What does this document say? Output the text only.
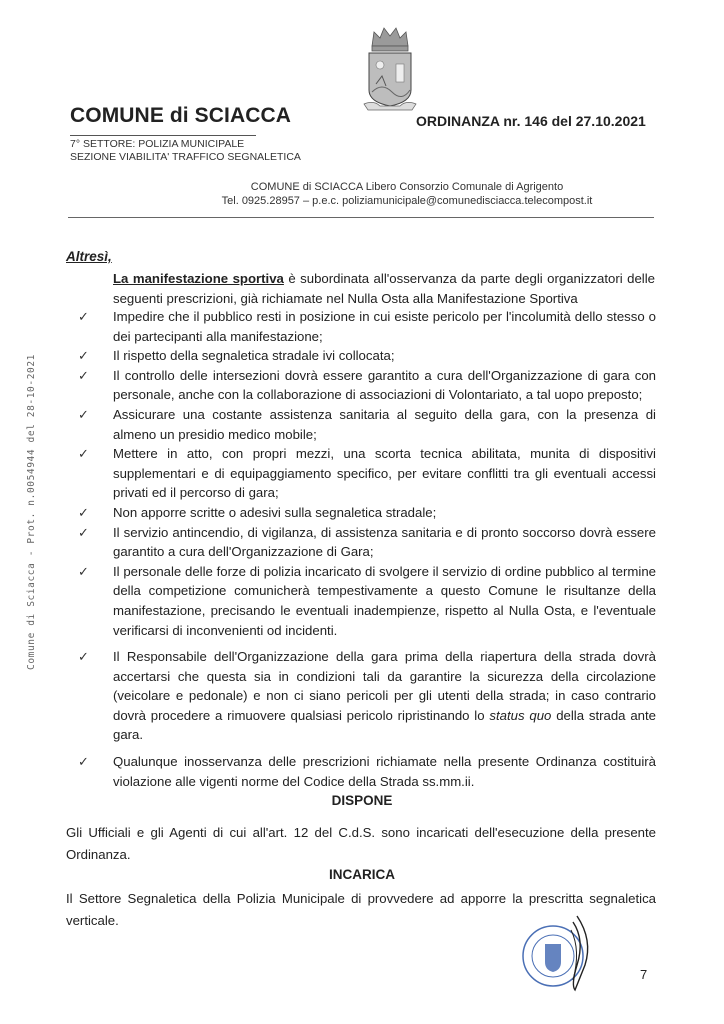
COMUNE di SCIACCA	ORDINANZA nr. 146 del 27.10.2021
7° SETTORE: POLIZIA MUNICIPALE
SEZIONE VIABILITA' TRAFFICO SEGNALETICA
COMUNE di SCIACCA Libero Consorzio Comunale di Agrigento
Tel. 0925.28957 – p.e.c. poliziamunicipale@comunedisciacca.telecompost.it
Comune di Sciacca - Prot. n.0054944 del 28-10-2021
Altresì,
La manifestazione sportiva è subordinata all'osservanza da parte degli organizzatori delle seguenti prescrizioni, già richiamate nel Nulla Osta alla Manifestazione Sportiva
✓	Impedire che il pubblico resti in posizione in cui esiste pericolo per l'incolumità dello stesso o dei partecipanti alla manifestazione;
✓	Il rispetto della segnaletica stradale ivi collocata;
✓	Il controllo delle intersezioni dovrà essere garantito a cura dell'Organizzazione di gara con personale, anche con la collaborazione di associazioni di Volontariato, a tal uopo preposto;
✓	Assicurare una costante assistenza sanitaria al seguito della gara, con la presenza di almeno un presidio medico mobile;
✓	Mettere in atto, con propri mezzi, una scorta tecnica abilitata, munita di dispositivi supplementari e di equipaggiamento specifico, per evitare conflitti tra gli eventuali accessi privati ed il percorso di gara;
✓	Non apporre scritte o adesivi sulla segnaletica stradale;
✓	Il servizio antincendio, di vigilanza, di assistenza sanitaria e di pronto soccorso dovrà essere garantito a cura dell'Organizzazione di Gara;
✓	Il personale delle forze di polizia incaricato di svolgere il servizio di ordine pubblico al termine della competizione comunicherà tempestivamente a questo Comune le risultanze della manifestazione, precisando le eventuali inadempienze, rispetto al Nulla Osta, e l'eventuale verificarsi di inconvenienti od incidenti.
✓	Il Responsabile dell'Organizzazione della gara prima della riapertura della strada dovrà accertarsi che questa sia in condizioni tali da garantire la sicurezza della circolazione (veicolare e pedonale) e non ci siano pericoli per gli utenti della strada; in caso contrario dovrà procedere a rimuovere qualsiasi pericolo ripristinando lo status quo della strada ante gara.
✓	Qualunque inosservanza delle prescrizioni richiamate nella presente Ordinanza costituirà violazione alle vigenti norme del Codice della Strada ss.mm.ii.
DISPONE
Gli Ufficiali e gli Agenti di cui all'art. 12 del C.d.S. sono incaricati dell'esecuzione della presente Ordinanza.
INCARICA
Il Settore Segnaletica della Polizia Municipale di provvedere ad apporre la prescritta segnaletica verticale.
7
